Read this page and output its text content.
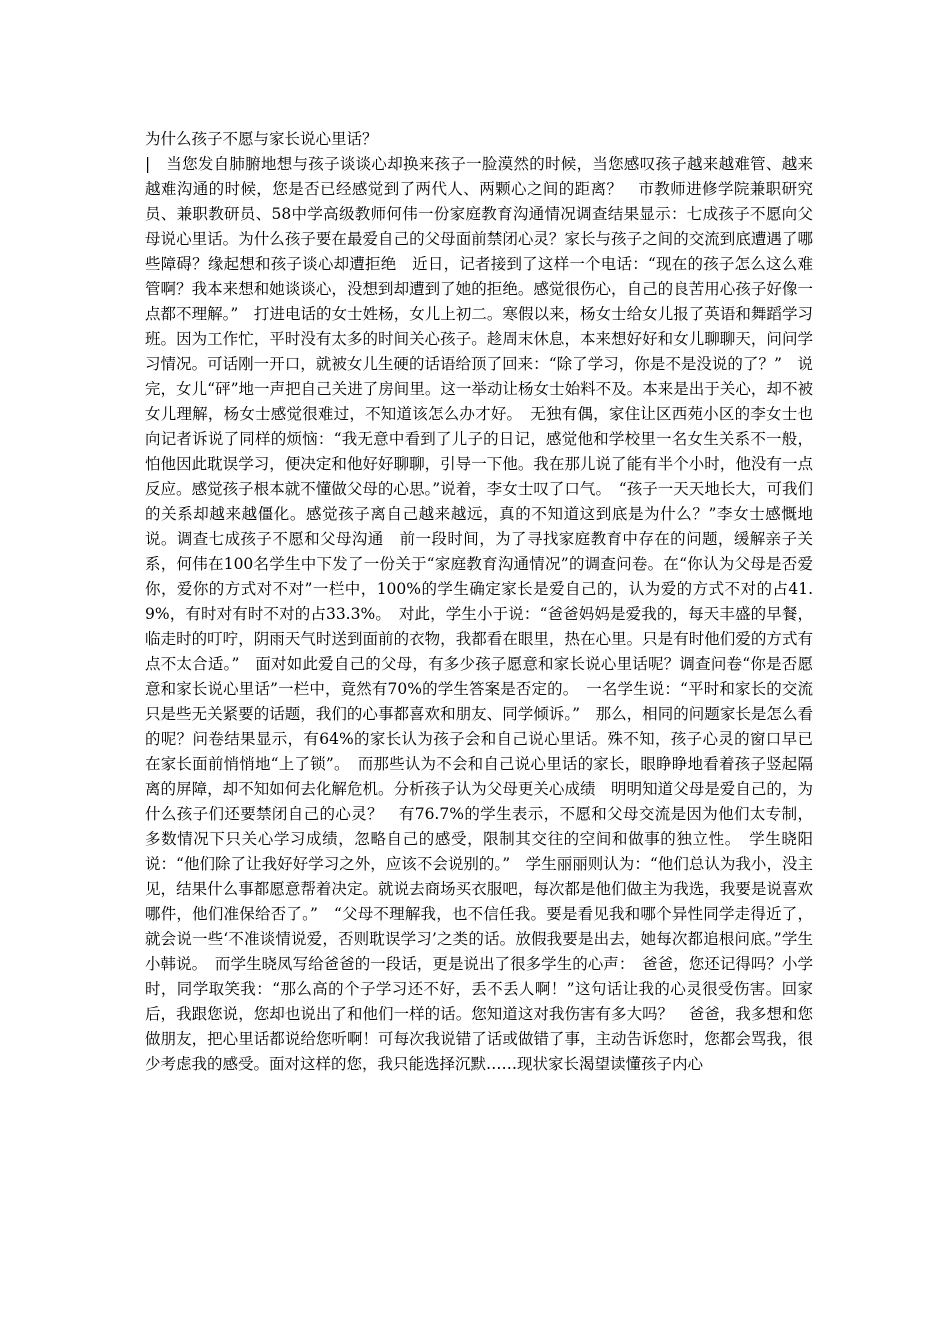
为什么孩子不愿与家长说心里话？

|　当您发自肺腑地想与孩子谈谈心却换来孩子一脸漠然的时候，当您感叹孩子越来越难管、越来越难沟通的时候，您是否已经感觉到了两代人、两颗心之间的距离？　市教师进修学院兼职研究员、兼职教研员、58中学高级教师何伟一份家庭教育沟通情况调查结果显示：七成孩子不愿向父母说心里话。为什么孩子要在最爱自己的父母面前禁闭心灵？家长与孩子之间的交流到底遭遇了哪些障碍？缘起想和孩子谈心却遭拒绝　近日，记者接到了这样一个电话：“现在的孩子怎么这么难管啊？我本来想和她谈谈心，没想到却遭到了她的拒绝。感觉很伤心，自己的良苦用心孩子好像一点都不理解。”　打进电话的女士姓杨，女儿上初二。寒假以来，杨女士给女儿报了英语和舞蹈学习班。因为工作忙，平时没有太多的时间关心孩子。趁周末休息，本来想好好和女儿聊聊天，问问学习情况。可话刚一开口，就被女儿生硬的话语给顶了回来：“除了学习，你是不是没说的了？”　说完，女儿“砰”地一声把自己关进了房间里。这一举动让杨女士始料不及。本来是出于关心，却不被女儿理解，杨女士感觉很难过，不知道该怎么办才好。　无独有偶，家住让区西苑小区的李女士也向记者诉说了同样的烦恼：“我无意中看到了儿子的日记，感觉他和学校里一名女生关系不一般，怕他因此耽误学习，便决定和他好好聊聊，引导一下他。我在那儿说了能有半个小时，他没有一点反应。感觉孩子根本就不懂做父母的心思。”说着，李女士叹了口气。　“孩子一天天地长大，可我们的关系却越来越僵化。感觉孩子离自己越来越远，真的不知道这到底是为什么？”李女士感慨地说。调查七成孩子不愿和父母沟通　前一段时间，为了寻找家庭教育中存在的问题，缓解亲子关系，何伟在100名学生中下发了一份关于“家庭教育沟通情况”的调查问卷。在“你认为父母是否爱你，爱你的方式对不对”一栏中，100%的学生确定家长是爱自己的，认为爱的方式不对的占41.9%，有时对有时不对的占33.3%。　对此，学生小于说：“爸爸妈妈是爱我的，每天丰盛的早餐，临走时的叮咛，阴雨天气时送到面前的衣物，我都看在眼里，热在心里。只是有时他们爱的方式有点不太合适。”　面对如此爱自己的父母，有多少孩子愿意和家长说心里话呢？调查问卷“你是否愿意和家长说心里话”一栏中，竟然有70%的学生答案是否定的。　一名学生说：“平时和家长的交流只是些无关紧要的话题，我们的心事都喜欢和朋友、同学倾诉。”　那么，相同的问题家长是怎么看的呢？问卷结果显示，有64%的家长认为孩子会和自己说心里话。殊不知，孩子心灵的窗口早已在家长面前悄悄地“上了锁”。　而那些认为不会和自己说心里话的家长，眼睁睁地看着孩子竖起隔离的屏障，却不知如何去化解危机。分析孩子认为父母更关心成绩　明明知道父母是爱自己的，为什么孩子们还要禁闭自己的心灵？　有76.7%的学生表示，不愿和父母交流是因为他们太专制，多数情况下只关心学习成绩，忽略自己的感受，限制其交往的空间和做事的独立性。　学生晓阳说：“他们除了让我好好学习之外，应该不会说别的。”　学生丽丽则认为：“他们总认为我小，没主见，结果什么事都愿意帮着决定。就说去商场买衣服吧，每次都是他们做主为我选，我要是说喜欢哪件，他们准保给否了。”　“父母不理解我，也不信任我。要是看见我和哪个异性同学走得近了，就会说一些‘不准谈情说爱，否则耽误学习’之类的话。放假我要是出去，她每次都追根问底。”学生小韩说。　而学生晓凤写给爸爸的一段话，更是说出了很多学生的心声：　爸爸，您还记得吗？小学时，同学取笑我：“那么高的个子学习还不好，丢不丢人啊！”这句话让我的心灵很受伤害。回家后，我跟您说，您却也说出了和他们一样的话。您知道这对我伤害有多大吗？　爸爸，我多想和您做朋友，把心里话都说给您听啊！可每次我说错了话或做错了事，主动告诉您时，您都会骂我，很少考虑我的感受。面对这样的您，我只能选择沉默……现状家长渴望读懂孩子内心
